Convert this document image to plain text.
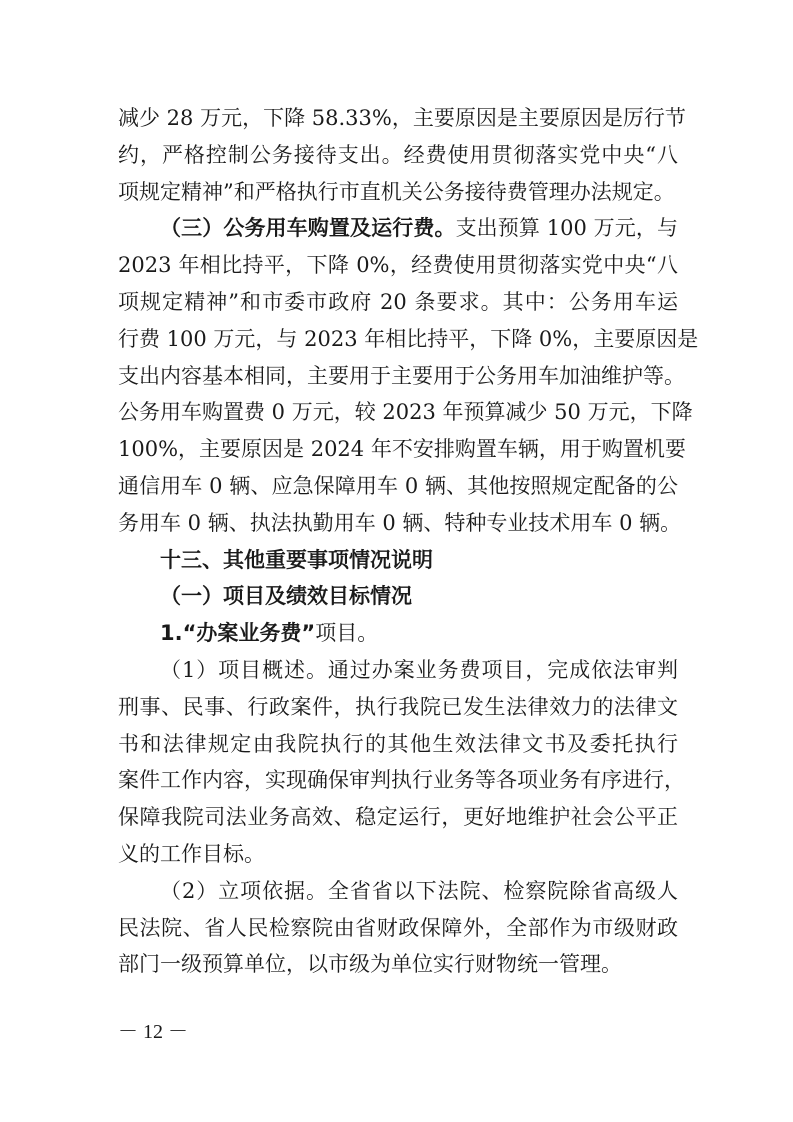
减少 28 万元，下降 58.33%，主要原因是主要原因是厉行节
约，严格控制公务接待支出。经费使用贯彻落实党中央“八
项规定精神”和严格执行市直机关公务接待费管理办法规定。
（三）公务用车购置及运行费。支出预算 100 万元，与
2023 年相比持平，下降 0%，经费使用贯彻落实党中央“八
项规定精神”和市委市政府 20 条要求。其中：公务用车运
行费 100 万元，与 2023 年相比持平，下降 0%，主要原因是
支出内容基本相同，主要用于主要用于公务用车加油维护等。
公务用车购置费 0 万元，较 2023 年预算减少 50 万元，下降
100%，主要原因是 2024 年不安排购置车辆，用于购置机要
通信用车 0 辆、应急保障用车 0 辆、其他按照规定配备的公
务用车 0 辆、执法执勤用车 0 辆、特种专业技术用车 0 辆。
十三、其他重要事项情况说明
（一）项目及绩效目标情况
1.“办案业务费”项目。
（1）项目概述。通过办案业务费项目，完成依法审判
刑事、民事、行政案件，执行我院已发生法律效力的法律文
书和法律规定由我院执行的其他生效法律文书及委托执行
案件工作内容，实现确保审判执行业务等各项业务有序进行，
保障我院司法业务高效、稳定运行，更好地维护社会公平正
义的工作目标。
（2）立项依据。全省省以下法院、检察院除省高级人
民法院、省人民检察院由省财政保障外，全部作为市级财政
部门一级预算单位，以市级为单位实行财物统一管理。
－ 12 －
